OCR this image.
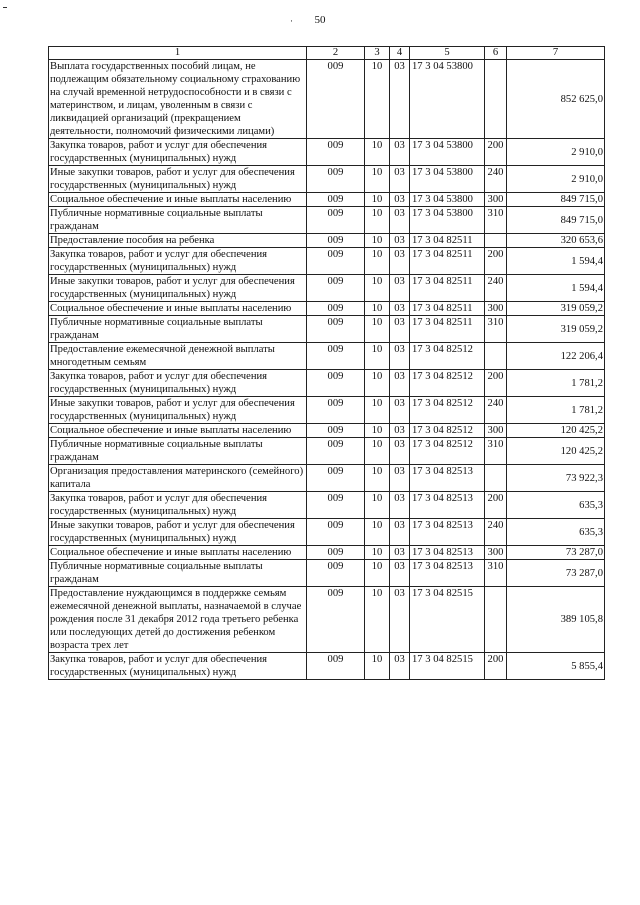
·	50
1	2	3	4	5	6	7
Выплата государственных пособий лицам, не подлежащим обязательному социальному страхованию на случай временной нетрудоспособности и в связи с материнством, и лицам, уволенным в связи с ликвидацией организаций (прекращением деятельности, полномочий физическими лицами)	009	10	03	17 3 04 53800		852 625,0
Закупка товаров, работ и услуг для обеспечения государственных (муниципальных) нужд	009	10	03	17 3 04 53800	200	2 910,0
Иные закупки товаров, работ и услуг для обеспечения государственных (муниципальных) нужд	009	10	03	17 3 04 53800	240	2 910,0
Социальное обеспечение и иные выплаты населению	009	10	03	17 3 04 53800	300	849 715,0
Публичные нормативные социальные выплаты гражданам	009	10	03	17 3 04 53800	310	849 715,0
Предоставление пособия на ребенка	009	10	03	17 3 04 82511		320 653,6
Закупка товаров, работ и услуг для обеспечения государственных (муниципальных) нужд	009	10	03	17 3 04 82511	200	1 594,4
Иные закупки товаров, работ и услуг для обеспечения государственных (муниципальных) нужд	009	10	03	17 3 04 82511	240	1 594,4
Социальное обеспечение и иные выплаты населению	009	10	03	17 3 04 82511	300	319 059,2
Публичные нормативные социальные выплаты гражданам	009	10	03	17 3 04 82511	310	319 059,2
Предоставление ежемесячной денежной выплаты многодетным семьям	009	10	03	17 3 04 82512		122 206,4
Закупка товаров, работ и услуг для обеспечения государственных (муниципальных) нужд	009	10	03	17 3 04 82512	200	1 781,2
Иные закупки товаров, работ и услуг для обеспечения государственных (муниципальных) нужд	009	10	03	17 3 04 82512	240	1 781,2
Социальное обеспечение и иные выплаты населению	009	10	03	17 3 04 82512	300	120 425,2
Публичные нормативные социальные выплаты гражданам	009	10	03	17 3 04 82512	310	120 425,2
Организация предоставления материнского (семейного) капитала	009	10	03	17 3 04 82513		73 922,3
Закупка товаров, работ и услуг для обеспечения государственных (муниципальных) нужд	009	10	03	17 3 04 82513	200	635,3
Иные закупки товаров, работ и услуг для обеспечения государственных (муниципальных) нужд	009	10	03	17 3 04 82513	240	635,3
Социальное обеспечение и иные выплаты населению	009	10	03	17 3 04 82513	300	73 287,0
Публичные нормативные социальные выплаты гражданам	009	10	03	17 3 04 82513	310	73 287,0
Предоставление нуждающимся в поддержке семьям ежемесячной денежной выплаты, назначаемой в случае рождения после 31 декабря 2012 года третьего ребенка или последующих детей до достижения ребенком возраста трех лет	009	10	03	17 3 04 82515		389 105,8
Закупка товаров, работ и услуг для обеспечения государственных (муниципальных) нужд	009	10	03	17 3 04 82515	200	5 855,4
